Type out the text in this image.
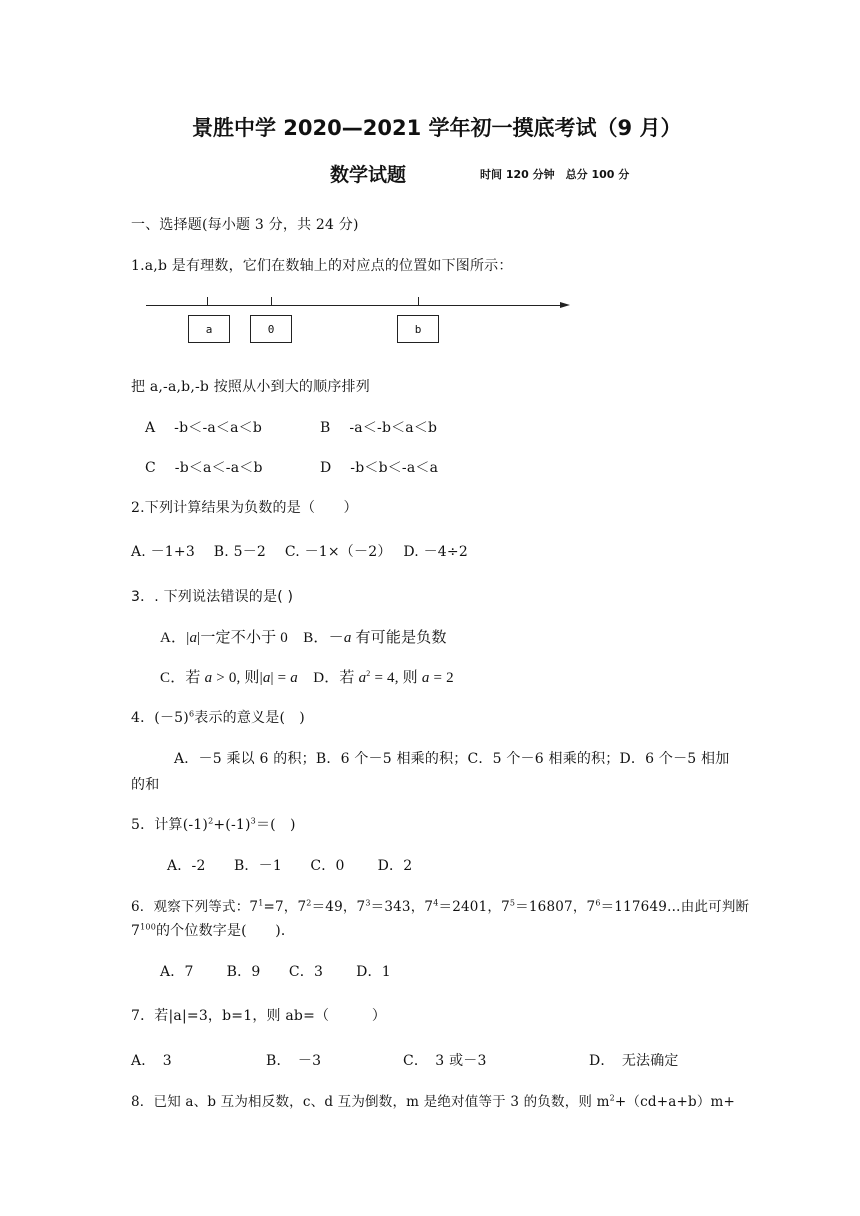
景胜中学 2020—2021 学年初一摸底考试（9 月）
数学试题	时间 120 分钟　总分 100 分
一、选择题(每小题 3 分，共 24 分)
1.a,b 是有理数，它们在数轴上的对应点的位置如下图所示：
a	0	b
把 a,-a,b,-b 按照从小到大的顺序排列
A　 -b＜-a＜a＜b	B　 -a＜-b＜a＜b
C　 -b＜a＜-a＜b	D　 -b＜b＜-a＜a
2.下列计算结果为负数的是（　　）
A. －1+3　 B. 5－2　 C. －1×（－2）　 D. －4÷2
3．. 下列说法错误的是( )
A．|a|一定不小于 0　B．－a 有可能是负数
C．若 a > 0, 则|a| = a　D．若 $a^2 = 4$, 则 a = 2
4．$(-5)^6$表示的意义是(　)
A．－5 乘以 6 的积；B．6 个－5 相乘的积；C．5 个－6 相乘的积；D．6 个－5 相加
的和
5．计算$(-1)^2+(-1)^3=$(　)
A．-2　　B．－1　　C．0　　 D．2
6．观察下列等式：$7^1=7$，$7^2=49$，$7^3=343$，$7^4=2401$，$7^5=16807$，$7^6=117649\dots$由此可判断
$7^{100}$的个位数字是(　　)．
A．7　　 B．9　　C．3　　 D．1
7．若|a|=3，b=1，则 ab=（　　　）
A．　3	B．　－3	C．　3 或－3	D．　无法确定
8．已知 a、b 互为相反数，c、d 互为倒数，m 是绝对值等于 3 的负数，则 $m^2+(cd+a+b)m+$
